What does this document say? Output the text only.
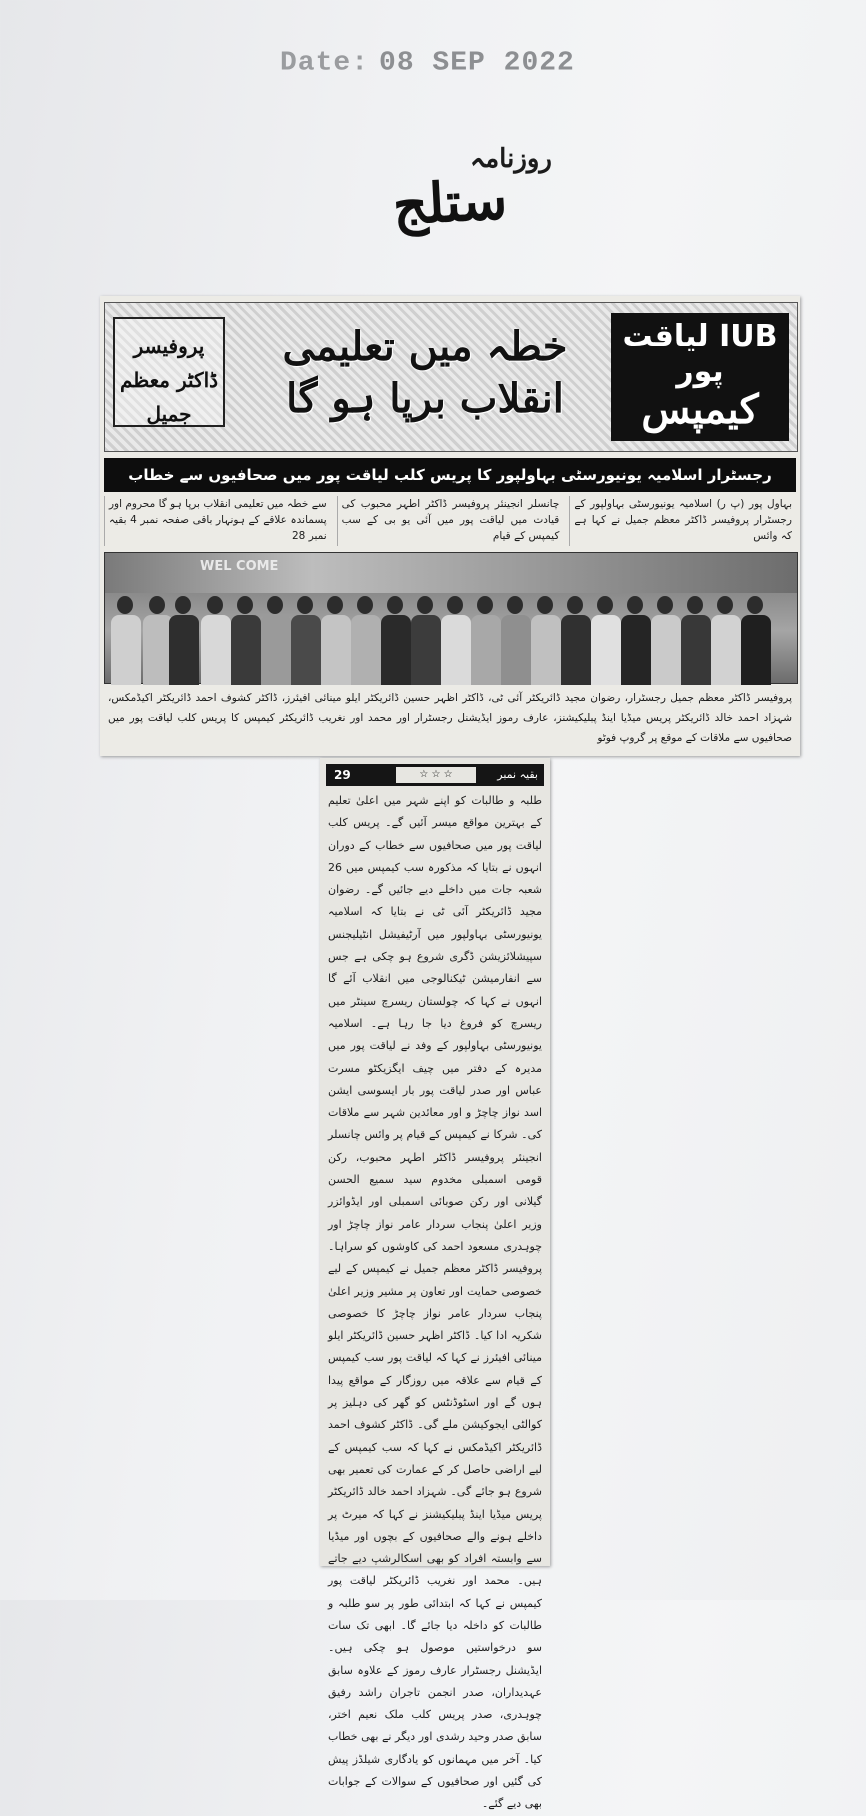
Date: 08 SEP 2022
روزنامہ
ستلج
IUB لیاقت پور
کیمپس
خطہ میں تعلیمی انقلاب برپا ہو گا
پروفیسر ڈاکٹر معظم جمیل
رجسٹرار اسلامیہ یونیورسٹی بہاولپور کا پریس کلب لیاقت پور میں صحافیوں سے خطاب
بہاول پور (پ ر) اسلامیہ یونیورسٹی بہاولپور کے رجسٹرار پروفیسر ڈاکٹر معظم جمیل نے کہا ہے کہ وائس
چانسلر انجینئر پروفیسر ڈاکٹر اطہر محبوب کی قیادت میں لیاقت پور میں آئی یو بی کے سب کیمپس کے قیام
سے خطہ میں تعلیمی انقلاب برپا ہو گا محروم اور پسماندہ علاقے کے ہونہار باقی صفحہ نمبر 4 بقیہ نمبر 28
WEL COME
پروفیسر ڈاکٹر معظم جمیل رجسٹرار، رضوان مجید ڈائریکٹر آئی ٹی، ڈاکٹر اظہر حسین ڈائریکٹر ایلو مینائی افیئرز، ڈاکٹر کشوف احمد ڈائریکٹر اکیڈمکس، شہزاد احمد خالد ڈائریکٹر پریس میڈیا اینڈ پبلیکیشنز، عارف رموز ایڈیشنل رجسٹرار اور محمد اور نغریب ڈائریکٹر کیمپس کا پریس کلب لیاقت پور میں صحافیوں سے ملاقات کے موقع پر گروپ فوٹو
29	☆ ☆ ☆	بقیہ نمبر
طلبہ و طالبات کو اپنے شہر میں اعلیٰ تعلیم کے بہترین مواقع میسر آئیں گے۔ پریس کلب لیاقت پور میں صحافیوں سے خطاب کے دوران انہوں نے بتایا کہ مذکورہ سب کیمپس میں 26 شعبہ جات میں داخلے دیے جائیں گے۔ رضوان مجید ڈائریکٹر آئی ٹی نے بتایا کہ اسلامیہ یونیورسٹی بہاولپور میں آرٹیفیشل انٹیلیجنس سپیشلائزیشن ڈگری شروع ہو چکی ہے جس سے انفارمیشن ٹیکنالوجی میں انقلاب آئے گا انہوں نے کہا کہ چولستان ریسرچ سینٹر میں ریسرچ کو فروغ دیا جا رہا ہے۔ اسلامیہ یونیورسٹی بہاولپور کے وفد نے لیاقت پور میں مدیرہ کے دفتر میں چیف ایگزیکٹو مسرت عباس اور صدر لیاقت پور بار ایسوسی ایشن اسد نواز چاچڑ و اور معائدین شہر سے ملاقات کی۔ شرکا نے کیمپس کے قیام پر وائس چانسلر انجینئر پروفیسر ڈاکٹر اطہر محبوب، رکن قومی اسمبلی مخدوم سید سمیع الحسن گیلانی اور رکن صوبائی اسمبلی اور ایڈوائزر وزیر اعلیٰ پنجاب سردار عامر نواز چاچڑ اور چوہدری مسعود احمد کی کاوشوں کو سراہا۔ پروفیسر ڈاکٹر معظم جمیل نے کیمپس کے لیے خصوصی حمایت اور تعاون پر مشیر وزیر اعلیٰ پنجاب سردار عامر نواز چاچڑ کا خصوصی شکریہ ادا کیا۔ ڈاکٹر اظہر حسین ڈائریکٹر ایلو مینائی افیئرز نے کہا کہ لیاقت پور سب کیمپس کے قیام سے علاقہ میں روزگار کے مواقع پیدا ہوں گے اور اسٹوڈنٹس کو گھر کی دہلیز پر کوالٹی ایجوکیشن ملے گی۔ ڈاکٹر کشوف احمد ڈائریکٹر اکیڈمکس نے کہا کہ سب کیمپس کے لیے اراضی حاصل کر کے عمارت کی تعمیر بھی شروع ہو جائے گی۔ شہزاد احمد خالد ڈائریکٹر پریس میڈیا اینڈ پبلیکیشنز نے کہا کہ میرٹ پر داخلے ہونے والے صحافیوں کے بچوں اور میڈیا سے وابستہ افراد کو بھی اسکالرشپ دیے جاتے ہیں۔ محمد اور نغریب ڈائریکٹر لیاقت پور کیمپس نے کہا کہ ابتدائی طور پر سو طلبہ و طالبات کو داخلہ دیا جائے گا۔ ابھی تک سات سو درخواستیں موصول ہو چکی ہیں۔ ایڈیشنل رجسٹرار عارف رموز کے علاوہ سابق عہدیداران، صدر انجمن تاجران راشد رفیق چوہدری، صدر پریس کلب ملک نعیم اختر، سابق صدر وحید رشدی اور دیگر نے بھی خطاب کیا۔ آخر میں مہمانوں کو یادگاری شیلڈز پیش کی گئیں اور صحافیوں کے سوالات کے جوابات بھی دیے گئے۔
